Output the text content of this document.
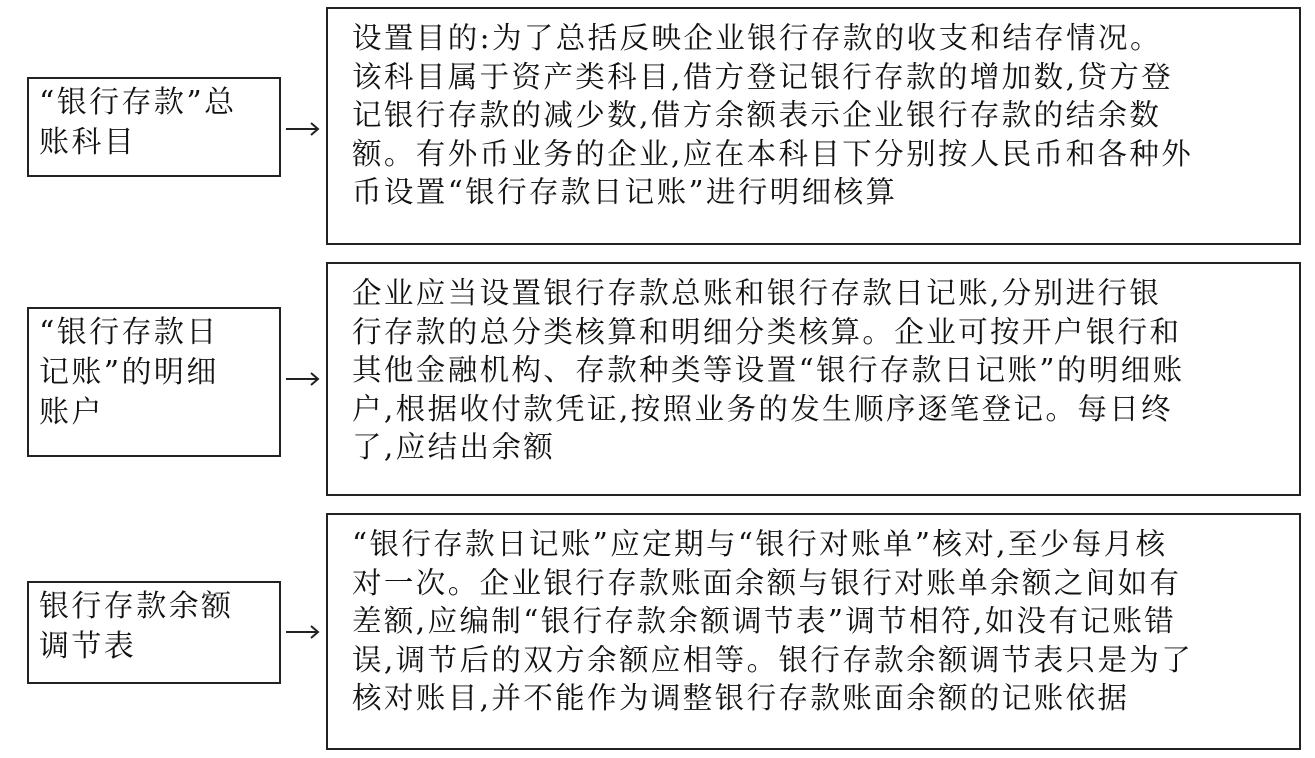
“银行存款”总
账科目
设置目的:为了总括反映企业银行存款的收支和结存情况。
该科目属于资产类科目,借方登记银行存款的增加数,贷方登
记银行存款的减少数,借方余额表示企业银行存款的结余数
额。有外币业务的企业,应在本科目下分别按人民币和各种外
币设置“银行存款日记账”进行明细核算
“银行存款日
记账”的明细
账户
企业应当设置银行存款总账和银行存款日记账,分别进行银
行存款的总分类核算和明细分类核算。企业可按开户银行和
其他金融机构、存款种类等设置“银行存款日记账”的明细账
户,根据收付款凭证,按照业务的发生顺序逐笔登记。每日终
了,应结出余额
银行存款余额
调节表
“银行存款日记账”应定期与“银行对账单”核对,至少每月核
对一次。企业银行存款账面余额与银行对账单余额之间如有
差额,应编制“银行存款余额调节表”调节相符,如没有记账错
误,调节后的双方余额应相等。银行存款余额调节表只是为了
核对账目,并不能作为调整银行存款账面余额的记账依据
